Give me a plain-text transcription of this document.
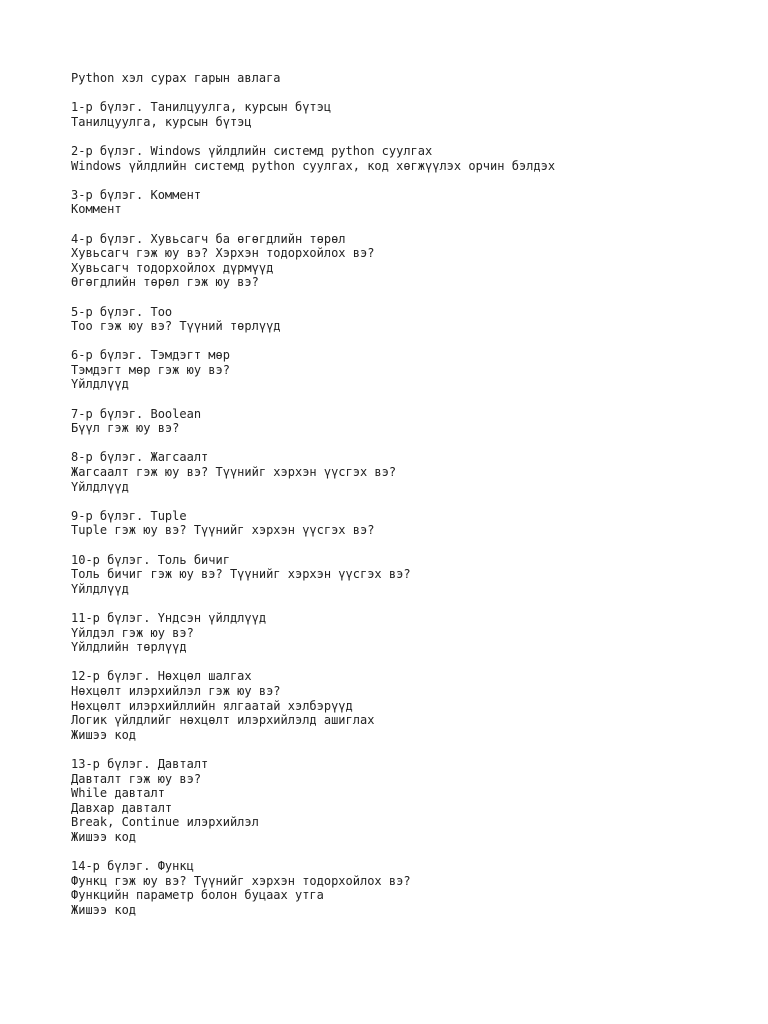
Python хэл сурах гарын авлага
1-р бүлэг. Танилцуулга, курсын бүтэц
Танилцуулга, курсын бүтэц
2-р бүлэг. Windows үйлдлийн системд python суулгах
Windows үйлдлийн системд python суулгах, код хөгжүүлэх орчин бэлдэх
3-р бүлэг. Коммент
Коммент
4-р бүлэг. Хувьсагч ба өгөгдлийн төрөл
Хувьсагч гэж юу вэ? Хэрхэн тодорхойлох вэ?
Хувьсагч тодорхойлох дүрмүүд
Өгөгдлийн төрөл гэж юу вэ?
5-р бүлэг. Тоо
Тоо гэж юу вэ? Түүний төрлүүд
6-р бүлэг. Тэмдэгт мөр
Тэмдэгт мөр гэж юу вэ?
Үйлдлүүд
7-р бүлэг. Boolean
Бүүл гэж юу вэ?
8-р бүлэг. Жагсаалт
Жагсаалт гэж юу вэ? Түүнийг хэрхэн үүсгэх вэ?
Үйлдлүүд
9-р бүлэг. Tuple
Tuple гэж юу вэ? Түүнийг хэрхэн үүсгэх вэ?
10-р бүлэг. Толь бичиг
Толь бичиг гэж юу вэ? Түүнийг хэрхэн үүсгэх вэ?
Үйлдлүүд
11-р бүлэг. Үндсэн үйлдлүүд
Үйлдэл гэж юу вэ?
Үйлдлийн төрлүүд
12-р бүлэг. Нөхцөл шалгах
Нөхцөлт илэрхийлэл гэж юу вэ?
Нөхцөлт илэрхийллийн ялгаатай хэлбэрүүд
Логик үйлдлийг нөхцөлт илэрхийлэлд ашиглах
Жишээ код
13-р бүлэг. Давталт
Давталт гэж юу вэ?
While давталт
Давхар давталт
Break, Continue илэрхийлэл
Жишээ код
14-р бүлэг. Функц
Функц гэж юу вэ? Түүнийг хэрхэн тодорхойлох вэ?
Функцийн параметр болон буцаах утга
Жишээ код
